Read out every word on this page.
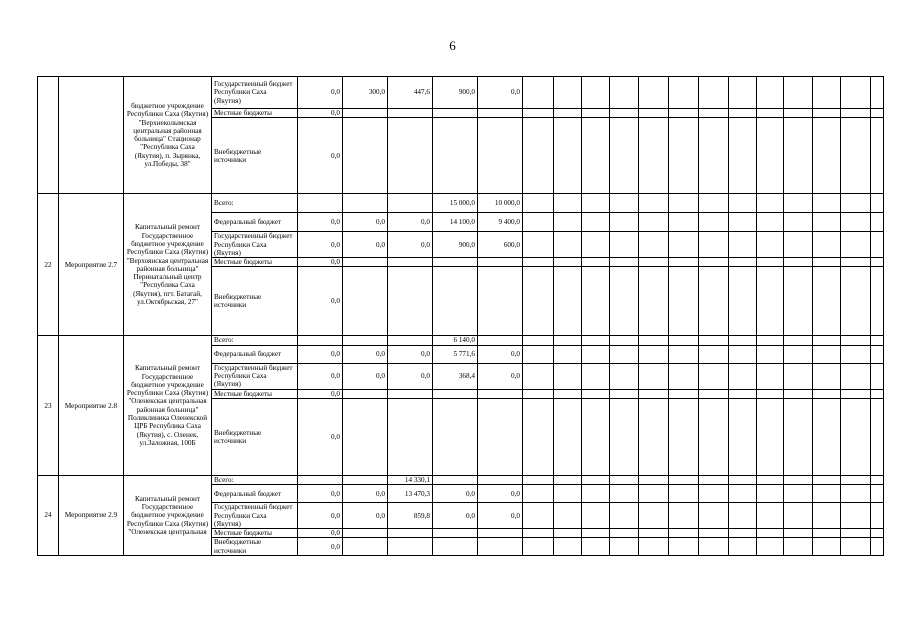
6
		бюджетное учреждение Республики Саха (Якутия) "Верхнеколымская центральная районная больница" Стационар "Республика Саха (Якутия), п. Зырянка, ул.Победы, 38"	Государственный бюджет Республики Саха (Якутия)	0,0	300,0	447,6	900,0	0,0													
			Местные бюджеты	0,0																	
			Внебюджетные источники	0,0																	
22	Мероприятие 2.7	Капитальный ремонт Государственное бюджетное учреждение Республики Саха (Якутия) "Верхоянская центральная районная больница" Перинатальный центр "Республика Саха (Якутия), пгт. Батагай, ул.Октябрьская, 27"	Всего:				15 000,0	10 000,0													
			Федеральный бюджет	0,0	0,0	0,0	14 100,0	9 400,0													
			Государственный бюджет Республики Саха (Якутия)	0,0	0,0	0,0	900,0	600,0													
			Местные бюджеты	0,0																	
			Внебюджетные источники	0,0																	
23	Мероприятие 2.8	Капитальный ремонт Государственное бюджетное учреждение Республики Саха (Якутия) "Оленекская центральная районная больница" Поликлиника Оленекской ЦРБ Республика Саха (Якутия), с. Оленек, ул.Заложная, 100Б	Всего:				6 140,0														
			Федеральный бюджет	0,0	0,0	0,0	5 771,6	0,0													
			Государственный бюджет Республики Саха (Якутия)	0,0	0,0	0,0	368,4	0,0													
			Местные бюджеты	0,0																	
			Внебюджетные источники	0,0																	
24	Мероприятие 2.9	Капитальный ремонт Государственное бюджетное учреждение Республики Саха (Якутия) "Оленекская центральная	Всего:			14 330,1															
			Федеральный бюджет	0,0	0,0	13 470,3	0,0	0,0													
			Государственный бюджет Республики Саха (Якутия)	0,0	0,0	859,8	0,0	0,0													
			Местные бюджеты	0,0																	
			Внебюджетные источники	0,0																	
